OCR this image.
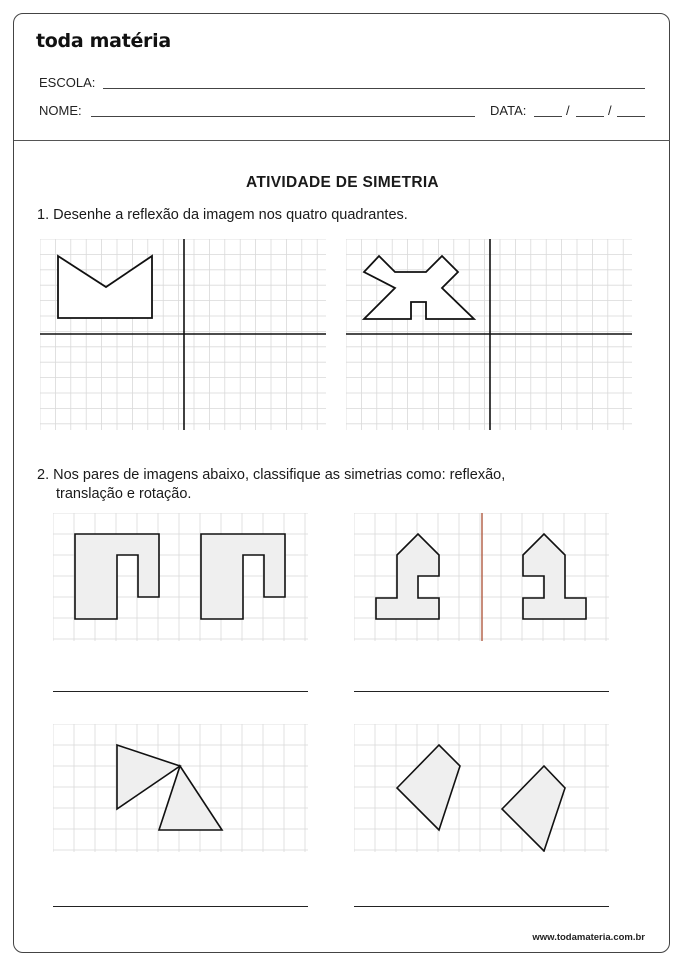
toda matéria
ESCOLA:
NOME:	DATA:	/	/
ATIVIDADE DE SIMETRIA
1. Desenhe a reflexão da imagem nos quatro quadrantes.
2. Nos pares de imagens abaixo, classifique as simetrias como: reflexão,
translação e rotação.
www.todamateria.com.br
